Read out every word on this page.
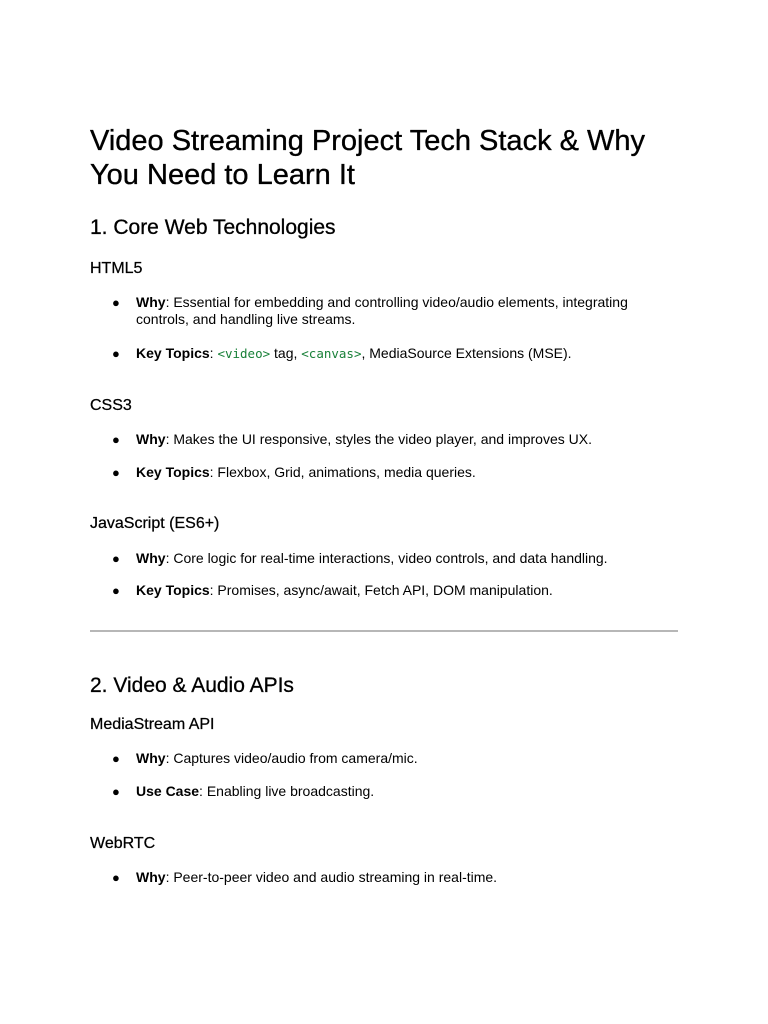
Video Streaming Project Tech Stack & Why You Need to Learn It
1. Core Web Technologies
HTML5
● Why: Essential for embedding and controlling video/audio elements, integrating controls, and handling live streams.
● Key Topics: <video> tag, <canvas>, MediaSource Extensions (MSE).
CSS3
● Why: Makes the UI responsive, styles the video player, and improves UX.
● Key Topics: Flexbox, Grid, animations, media queries.
JavaScript (ES6+)
● Why: Core logic for real-time interactions, video controls, and data handling.
● Key Topics: Promises, async/await, Fetch API, DOM manipulation.
2. Video & Audio APIs
MediaStream API
● Why: Captures video/audio from camera/mic.
● Use Case: Enabling live broadcasting.
WebRTC
● Why: Peer-to-peer video and audio streaming in real-time.
